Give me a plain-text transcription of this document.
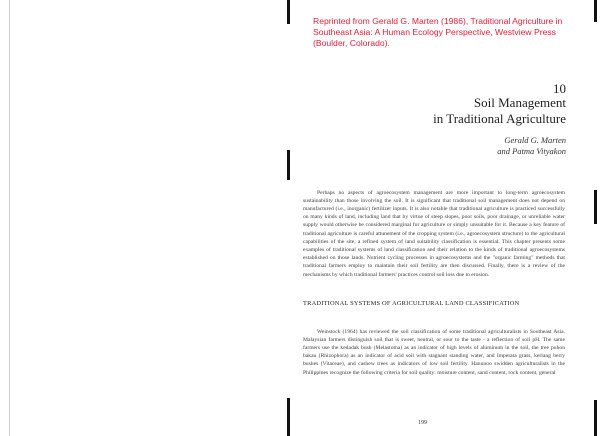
Reprinted from Gerald G. Marten (1986), Traditional Agriculture in Southeast Asia: A Human Ecology Perspective, Westview Press (Boulder, Colorado).
10
Soil Management
in Traditional Agriculture
Gerald G. Marten
and Patma Vityakon

Perhaps no aspects of agroecosystem management are more important to long-term agroecosystem sustainability than those involving the soil. It is significant that traditional soil management does not depend on manufactured (i.e., inorganic) fertilizer inputs. It is also notable that traditional agriculture is practiced successfully on many kinds of land, including land that by virtue of steep slopes, poor soils, poor drainage, or unreliable water supply would otherwise be considered marginal for agriculture or simply unsuitable for it. Because a key feature of traditional agriculture is careful attunement of the cropping system (i.e., agroecosystem structure) to the agricultural capabilities of the site, a refined system of land suitability classification is essential. This chapter presents some examples of traditional systems of land classification and their relation to the kinds of traditional agroecosystems established on those lands. Nutrient cycling processes in agroecosystems and the "organic farming" methods that traditional farmers employ to maintain their soil fertility are then discussed. Finally, there is a review of the mechanisms by which traditional farmers' practices control soil loss due to erosion.

TRADITIONAL SYSTEMS OF AGRICULTURAL LAND CLASSIFICATION

Weinstock (1964) has reviewed the soil classification of some traditional agriculturalists in Southeast Asia. Malaysian farmers distinguish soil that is sweet, neutral, or sour to the taste - a reflection of soil pH. The same farmers use the kedadak bush (Melastoma) as an indicator of high levels of aluminum in the soil, the tree puhon bakau (Rhizophora) as an indicator of acid soil with stagnant standing water, and Imperata grass, kerlang berry bushes (Vitaceae), and cashew trees as indicators of low soil fertility. Hanunoo swidden agriculturalists in the Philippines recognize the following criteria for soil quality: moisture content, sand content, rock content, general

199
